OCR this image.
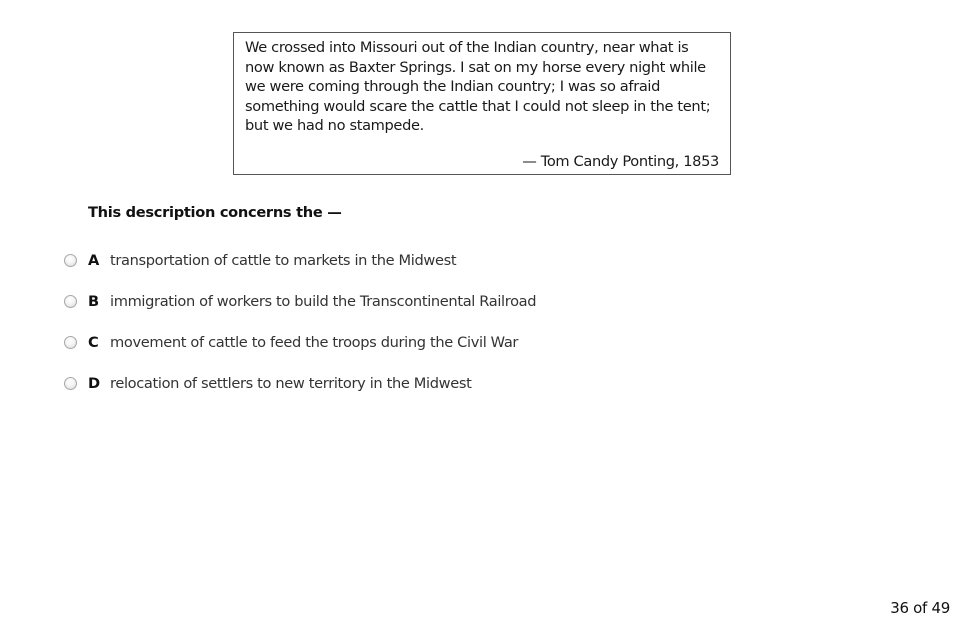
We crossed into Missouri out of the Indian country, near what is
now known as Baxter Springs. I sat on my horse every night while
we were coming through the Indian country; I was so afraid
something would scare the cattle that I could not sleep in the tent;
but we had no stampede.

— Tom Candy Ponting, 1853
This description concerns the —
A transportation of cattle to markets in the Midwest
B immigration of workers to build the Transcontinental Railroad
C movement of cattle to feed the troops during the Civil War
D relocation of settlers to new territory in the Midwest
36 of 49
